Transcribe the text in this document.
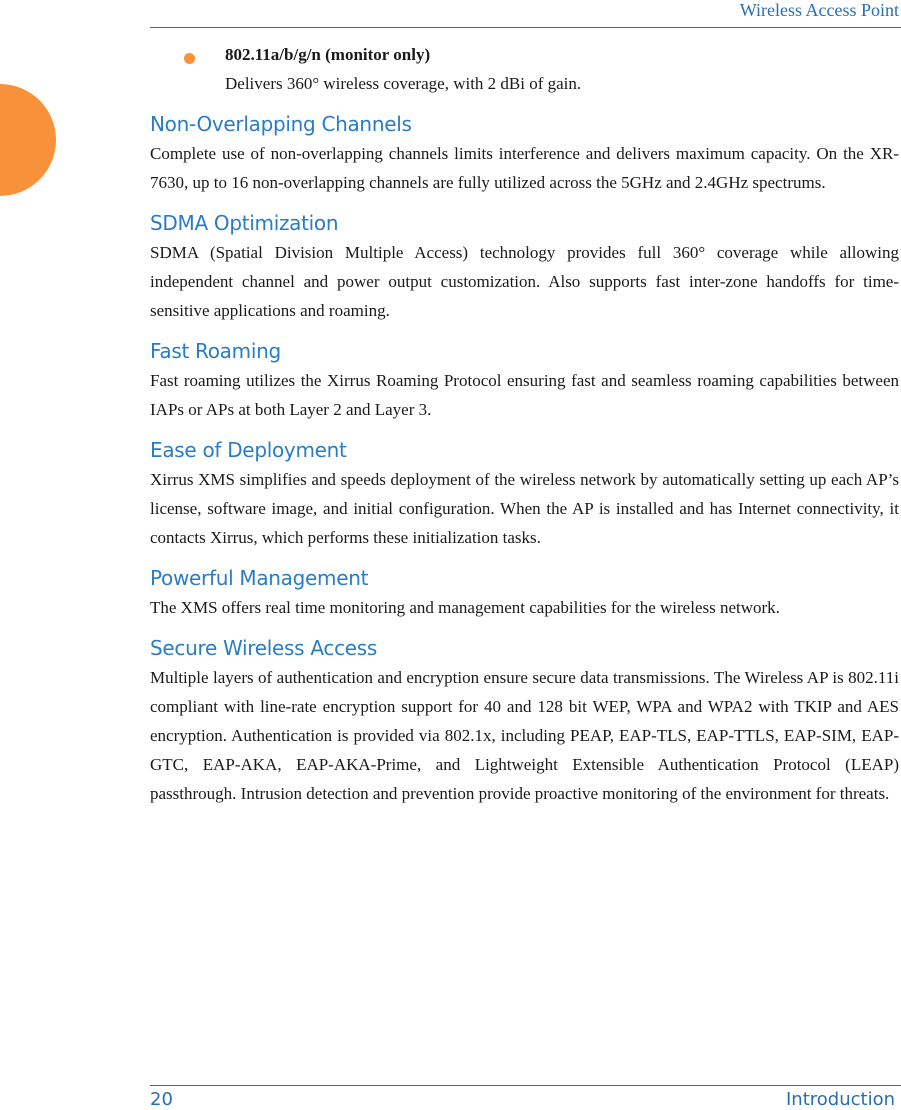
Wireless Access Point
802.11a/b/g/n (monitor only)
Delivers 360° wireless coverage, with 2 dBi of gain.
Non-Overlapping Channels

Complete use of non-overlapping channels limits interference and delivers maximum capacity. On the XR-7630, up to 16 non-overlapping channels are fully utilized across the 5GHz and 2.4GHz spectrums.

SDMA Optimization

SDMA (Spatial Division Multiple Access) technology provides full 360° coverage while allowing independent channel and power output customization. Also supports fast inter-zone handoffs for time-sensitive applications and roaming.

Fast Roaming

Fast roaming utilizes the Xirrus Roaming Protocol ensuring fast and seamless roaming capabilities between IAPs or APs at both Layer 2 and Layer 3.

Ease of Deployment

Xirrus XMS simplifies and speeds deployment of the wireless network by automatically setting up each AP’s license, software image, and initial configuration. When the AP is installed and has Internet connectivity, it contacts Xirrus, which performs these initialization tasks.

Powerful Management

The XMS offers real time monitoring and management capabilities for the wireless network.

Secure Wireless Access

Multiple layers of authentication and encryption ensure secure data transmissions. The Wireless AP is 802.11i compliant with line-rate encryption support for 40 and 128 bit WEP, WPA and WPA2 with TKIP and AES encryption. Authentication is provided via 802.1x, including PEAP, EAP-TLS, EAP-TTLS, EAP-SIM, EAP-GTC, EAP-AKA, EAP-AKA-Prime, and Lightweight Extensible Authentication Protocol (LEAP) passthrough. Intrusion detection and prevention provide proactive monitoring of the environment for threats.

20	Introduction
